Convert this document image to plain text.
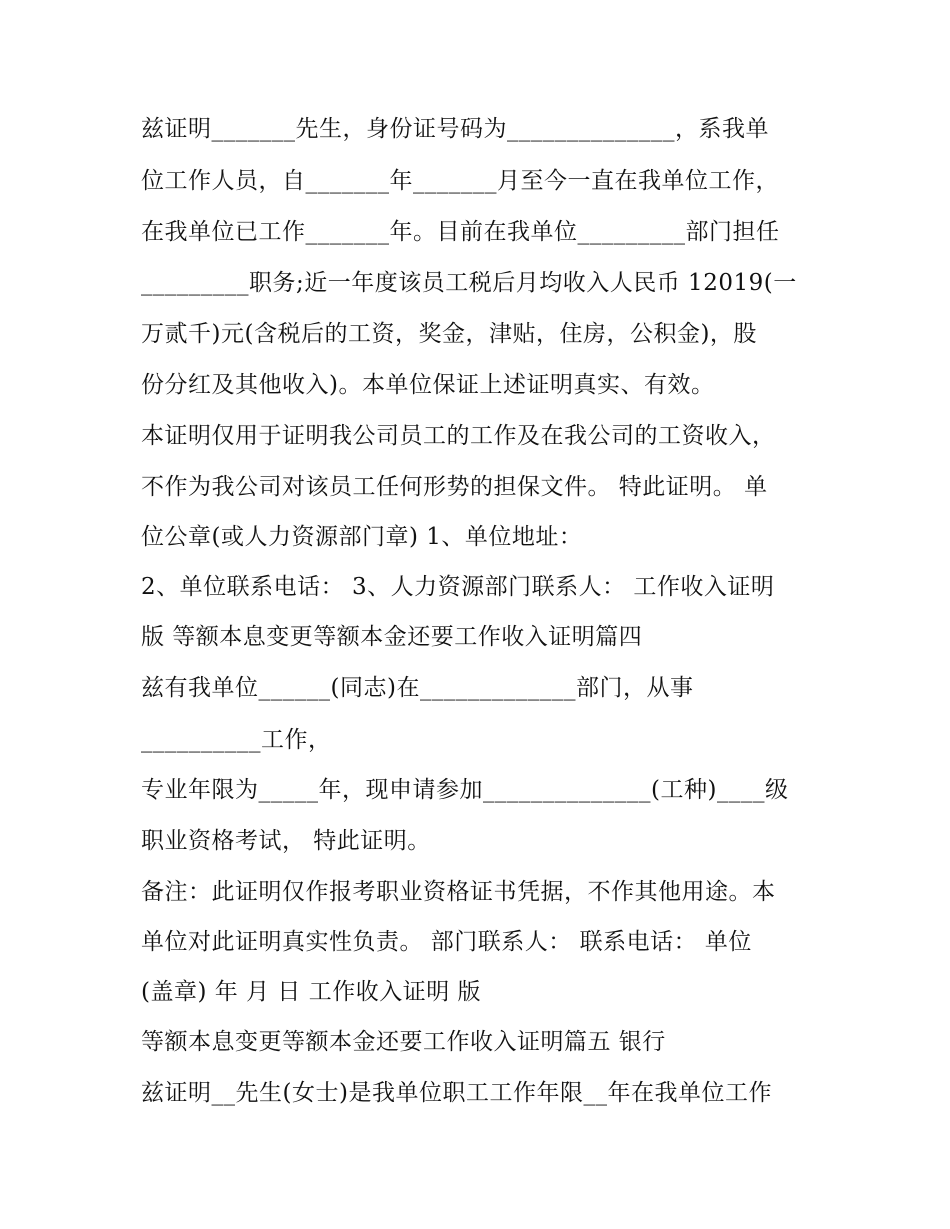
兹证明_______先生，身份证号码为______________，系我单
位工作人员，自_______年_______月至今一直在我单位工作，
在我单位已工作_______年。目前在我单位_________部门担任
_________职务;近一年度该员工税后月均收入人民币 12019(一
万贰千)元(含税后的工资，奖金，津贴，住房，公积金)，股
份分红及其他收入)。本单位保证上述证明真实、有效。
本证明仅用于证明我公司员工的工作及在我公司的工资收入，
不作为我公司对该员工任何形势的担保文件。 特此证明。 单
位公章(或人力资源部门章) 1、单位地址：
2、单位联系电话： 3、人力资源部门联系人： 工作收入证明
版 等额本息变更等额本金还要工作收入证明篇四
兹有我单位______(同志)在_____________部门，从事
__________工作，
专业年限为_____年，现申请参加______________(工种)____级
职业资格考试， 特此证明。
备注：此证明仅作报考职业资格证书凭据，不作其他用途。本
单位对此证明真实性负责。 部门联系人： 联系电话： 单位
(盖章) 年 月 日 工作收入证明 版
等额本息变更等额本金还要工作收入证明篇五 银行
兹证明__先生(女士)是我单位职工工作年限__年在我单位工作
